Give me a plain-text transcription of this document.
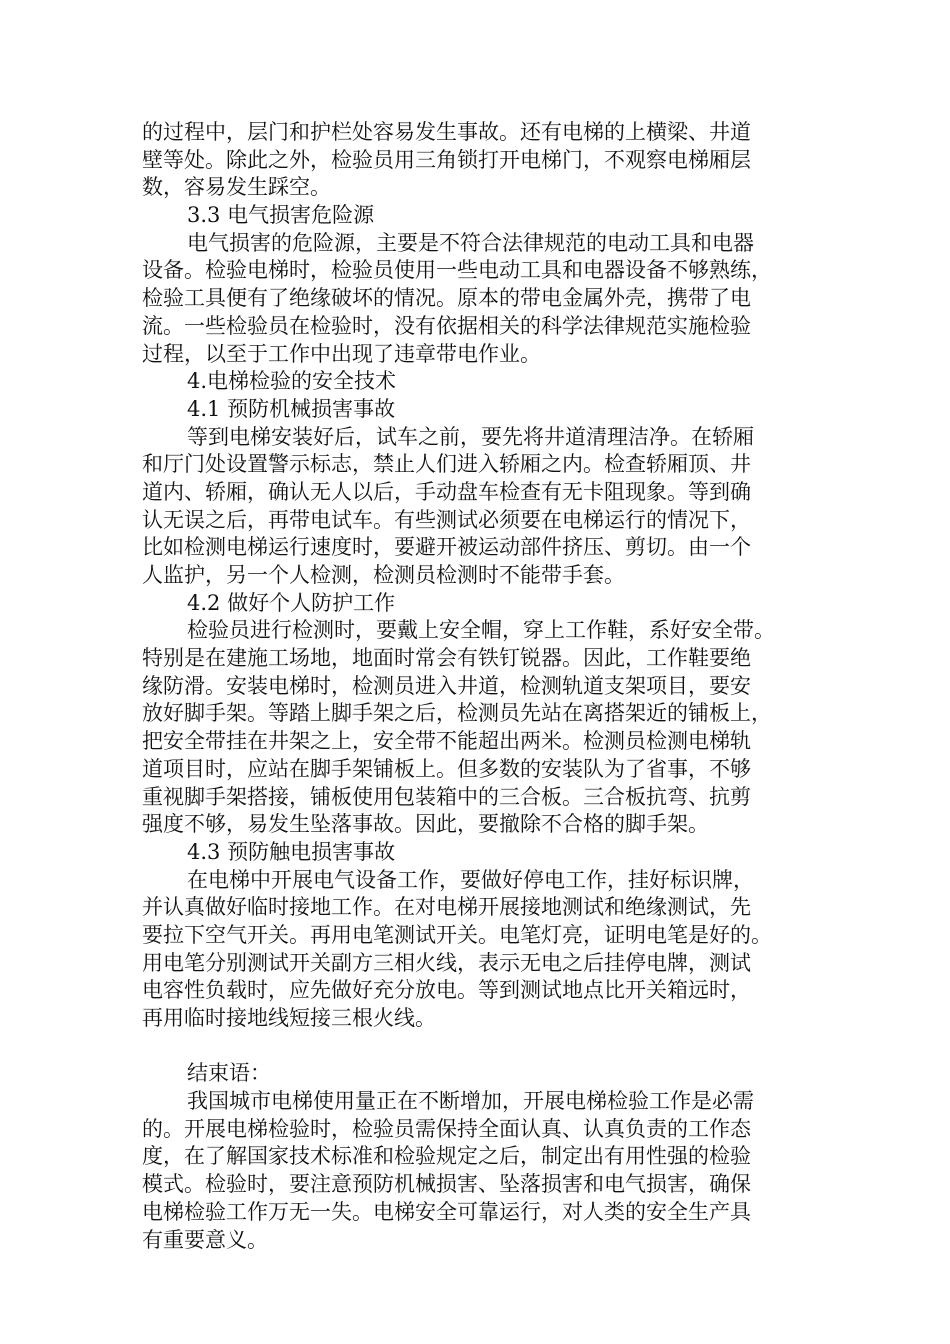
的过程中，层门和护栏处容易发生事故。还有电梯的上横梁、井道
壁等处。除此之外，检验员用三角锁打开电梯门，不观察电梯厢层
数，容易发生踩空。
3.3 电气损害危险源
电气损害的危险源，主要是不符合法律规范的电动工具和电器
设备。检验电梯时，检验员使用一些电动工具和电器设备不够熟练，
检验工具便有了绝缘破坏的情况。原本的带电金属外壳，携带了电
流。一些检验员在检验时，没有依据相关的科学法律规范实施检验
过程，以至于工作中出现了违章带电作业。
4.电梯检验的安全技术
4.1 预防机械损害事故
等到电梯安装好后，试车之前，要先将井道清理洁净。在轿厢
和厅门处设置警示标志，禁止人们进入轿厢之内。检查轿厢顶、井
道内、轿厢，确认无人以后，手动盘车检查有无卡阻现象。等到确
认无误之后，再带电试车。有些测试必须要在电梯运行的情况下，
比如检测电梯运行速度时，要避开被运动部件挤压、剪切。由一个
人监护，另一个人检测，检测员检测时不能带手套。
4.2 做好个人防护工作
检验员进行检测时，要戴上安全帽，穿上工作鞋，系好安全带。
特别是在建施工场地，地面时常会有铁钉锐器。因此，工作鞋要绝
缘防滑。安装电梯时，检测员进入井道，检测轨道支架项目，要安
放好脚手架。等踏上脚手架之后，检测员先站在离搭架近的铺板上，
把安全带挂在井架之上，安全带不能超出两米。检测员检测电梯轨
道项目时，应站在脚手架铺板上。但多数的安装队为了省事，不够
重视脚手架搭接，铺板使用包装箱中的三合板。三合板抗弯、抗剪
强度不够，易发生坠落事故。因此，要撤除不合格的脚手架。
4.3 预防触电损害事故
在电梯中开展电气设备工作，要做好停电工作，挂好标识牌，
并认真做好临时接地工作。在对电梯开展接地测试和绝缘测试，先
要拉下空气开关。再用电笔测试开关。电笔灯亮，证明电笔是好的。
用电笔分别测试开关副方三相火线，表示无电之后挂停电牌，测试
电容性负载时，应先做好充分放电。等到测试地点比开关箱远时，
再用临时接地线短接三根火线。
结束语：
我国城市电梯使用量正在不断增加，开展电梯检验工作是必需
的。开展电梯检验时，检验员需保持全面认真、认真负责的工作态
度，在了解国家技术标准和检验规定之后，制定出有用性强的检验
模式。检验时，要注意预防机械损害、坠落损害和电气损害，确保
电梯检验工作万无一失。电梯安全可靠运行，对人类的安全生产具
有重要意义。
